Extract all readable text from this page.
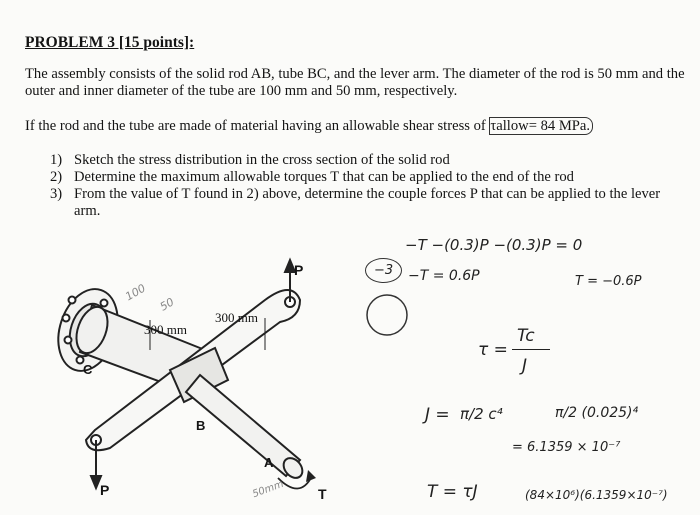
PROBLEM 3 [15 points]:
The assembly consists of the solid rod AB, tube BC, and the lever arm. The diameter of the rod is 50 mm and the outer and inner diameter of the tube are 100 mm and 50 mm, respectively.
If the rod and the tube are made of material having an allowable shear stress of τallow= 84 MPa.
1) Sketch the stress distribution in the cross section of the solid rod
2) Determine the maximum allowable torques T that can be applied to the end of the rod
3) From the value of T found in 2) above, determine the couple forces P that can be applied to the lever arm.
P
P
300 mm
300 mm
C
B
A
T
100
50
50mm
−T −(0.3)P −(0.3)P = 0
−T = 0.6P	T = −0.6P
−3
τ =
Tc
J
J = π/2 c⁴	π/2 (0.025)⁴
= 6.1359 × 10⁻⁷
T = τJ	(84×10⁶)(6.1359×10⁻⁷)
